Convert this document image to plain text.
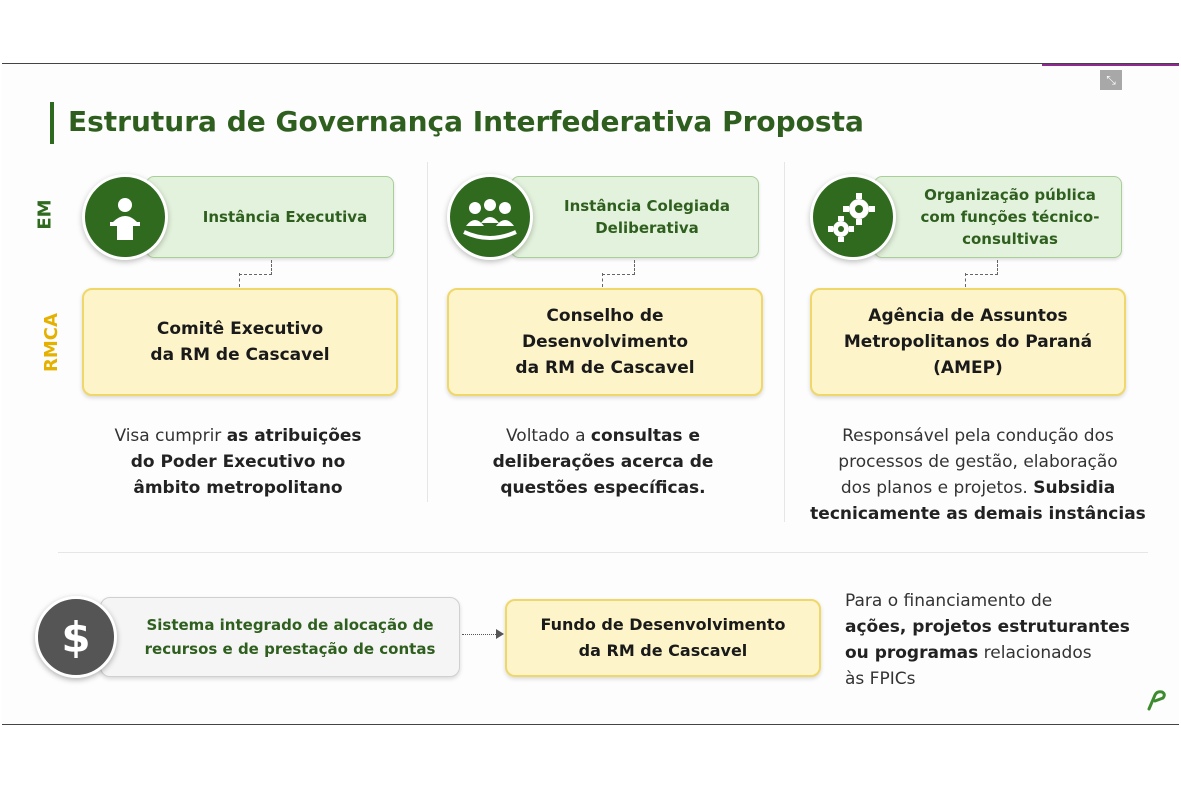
⤡
Estrutura de Governança Interfederativa Proposta
EM
RMCA
Instância Executiva
Comitê Executivo
da RM de Cascavel
Visa cumprir as atribuições
do Poder Executivo no
âmbito metropolitano
Instância Colegiada
Deliberativa
Conselho de
Desenvolvimento
da RM de Cascavel
Voltado a consultas e
deliberações acerca de
questões específicas.
Organização pública
com funções técnico-
consultivas
Agência de Assuntos
Metropolitanos do Paraná
(AMEP)
Responsável pela condução dos
processos de gestão, elaboração
dos planos e projetos. Subsidia
tecnicamente as demais instâncias
$	Sistema integrado de alocação de
recursos e de prestação de contas
Fundo de Desenvolvimento
da RM de Cascavel
Para o financiamento de
ações, projetos estruturantes
ou programas relacionados
às FPICs
